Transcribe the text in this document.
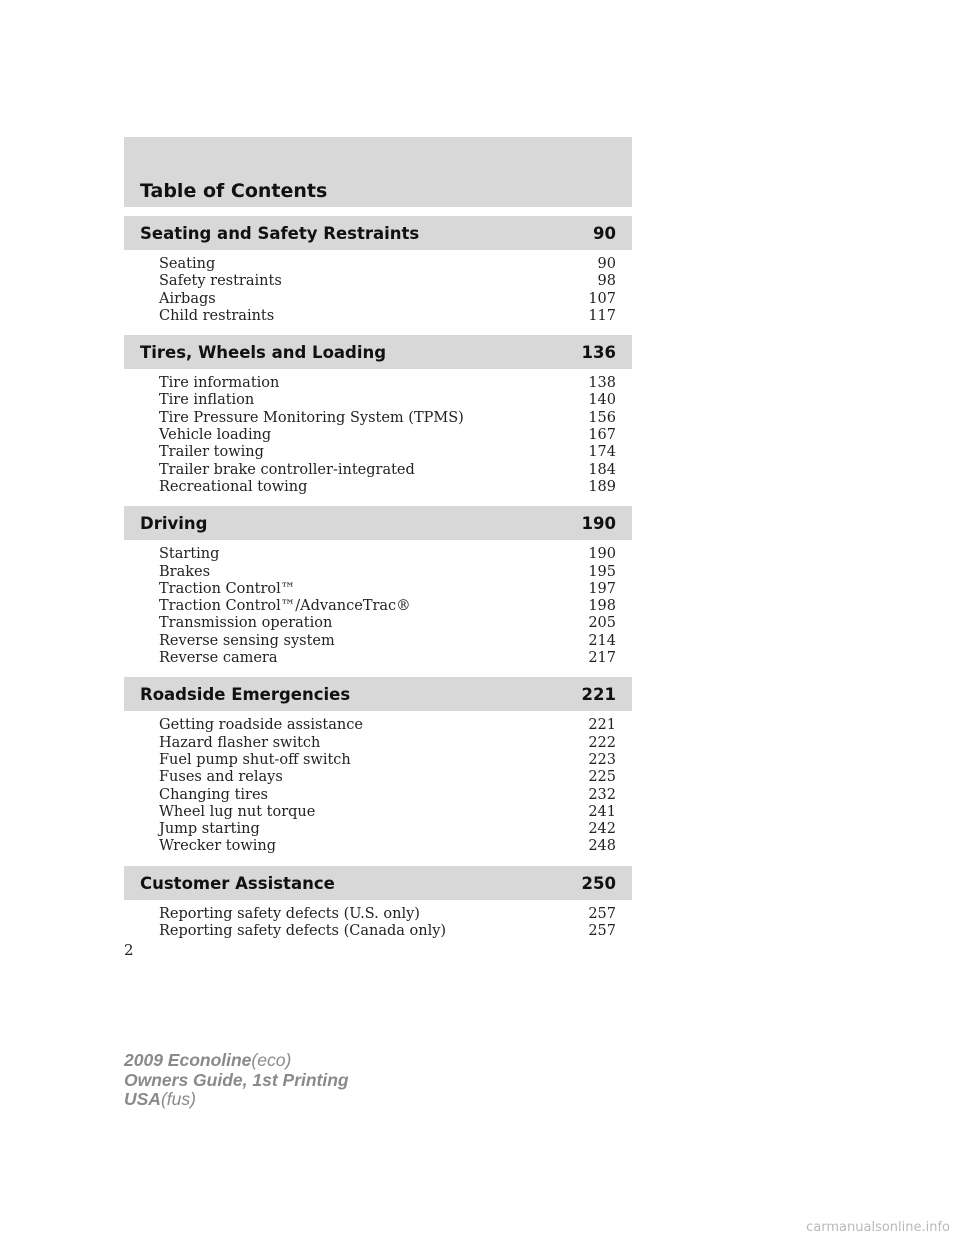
Table of Contents
Seating and Safety Restraints	90
Seating	90
Safety restraints	98
Airbags	107
Child restraints	117
Tires, Wheels and Loading	136
Tire information	138
Tire inflation	140
Tire Pressure Monitoring System (TPMS)	156
Vehicle loading	167
Trailer towing	174
Trailer brake controller-integrated	184
Recreational towing	189
Driving	190
Starting	190
Brakes	195
Traction Control™	197
Traction Control™/AdvanceTrac®	198
Transmission operation	205
Reverse sensing system	214
Reverse camera	217
Roadside Emergencies	221
Getting roadside assistance	221
Hazard flasher switch	222
Fuel pump shut-off switch	223
Fuses and relays	225
Changing tires	232
Wheel lug nut torque	241
Jump starting	242
Wrecker towing	248
Customer Assistance	250
Reporting safety defects (U.S. only)	257
Reporting safety defects (Canada only)	257
2
2009 Econoline(eco)
Owners Guide, 1st Printing
USA(fus)
carmanualsonline.info
